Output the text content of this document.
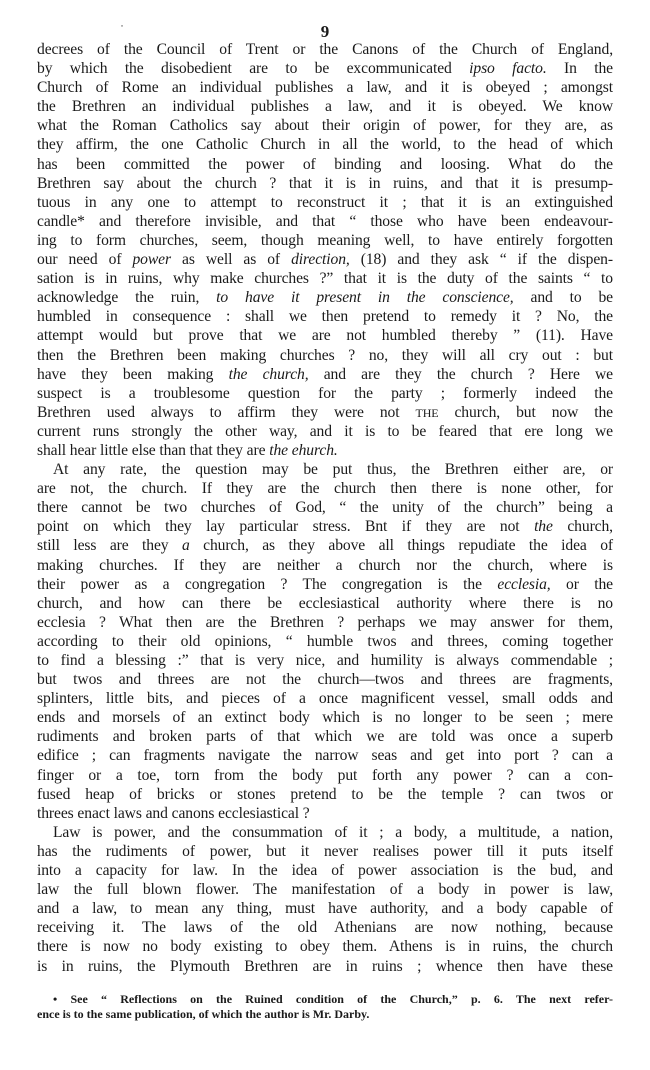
˙	9
decrees of the Council of Trent or the Canons of the Church of England,
by which the disobedient are to be excommunicated ipso facto. In the
Church of Rome an individual publishes a law, and it is obeyed ; amongst
the Brethren an individual publishes a law, and it is obeyed. We know
what the Roman Catholics say about their origin of power, for they are, as
they affirm, the one Catholic Church in all the world, to the head of which
has been committed the power of binding and loosing. What do the
Brethren say about the church ? that it is in ruins, and that it is presump-
tuous in any one to attempt to reconstruct it ; that it is an extinguished
candle* and therefore invisible, and that “ those who have been endeavour-
ing to form churches, seem, though meaning well, to have entirely forgotten
our need of power as well as of direction, (18) and they ask “ if the dispen-
sation is in ruins, why make churches ?” that it is the duty of the saints “ to
acknowledge the ruin, to have it present in the conscience, and to be
humbled in consequence : shall we then pretend to remedy it ? No, the
attempt would but prove that we are not humbled thereby ” (11). Have
then the Brethren been making churches ? no, they will all cry out : but
have they been making the church, and are they the church ? Here we
suspect is a troublesome question for the party ; formerly indeed the
Brethren used always to affirm they were not THE church, but now the
current runs strongly the other way, and it is to be feared that ere long we
shall hear little else than that they are the ehurch.
At any rate, the question may be put thus, the Brethren either are, or
are not, the church. If they are the church then there is none other, for
there cannot be two churches of God, “ the unity of the church” being a
point on which they lay particular stress. Bnt if they are not the church,
still less are they a church, as they above all things repudiate the idea of
making churches. If they are neither a church nor the church, where is
their power as a congregation ? The congregation is the ecclesia, or the
church, and how can there be ecclesiastical authority where there is no
ecclesia ? What then are the Brethren ? perhaps we may answer for them,
according to their old opinions, “ humble twos and threes, coming together
to find a blessing :” that is very nice, and humility is always commendable ;
but twos and threes are not the church—twos and threes are fragments,
splinters, little bits, and pieces of a once magnificent vessel, small odds and
ends and morsels of an extinct body which is no longer to be seen ; mere
rudiments and broken parts of that which we are told was once a superb
edifice ; can fragments navigate the narrow seas and get into port ? can a
finger or a toe, torn from the body put forth any power ? can a con-
fused heap of bricks or stones pretend to be the temple ? can twos or
threes enact laws and canons ecclesiastical ?
Law is power, and the consummation of it ; a body, a multitude, a nation,
has the rudiments of power, but it never realises power till it puts itself
into a capacity for law. In the idea of power association is the bud, and
law the full blown flower. The manifestation of a body in power is law,
and a law, to mean any thing, must have authority, and a body capable of
receiving it. The laws of the old Athenians are now nothing, because
there is now no body existing to obey them. Athens is in ruins, the church
is in ruins, the Plymouth Brethren are in ruins ; whence then have these
• See “ Reflections on the Ruined condition of the Church,” p. 6. The next refer-
ence is to the same publication, of which the author is Mr. Darby.
